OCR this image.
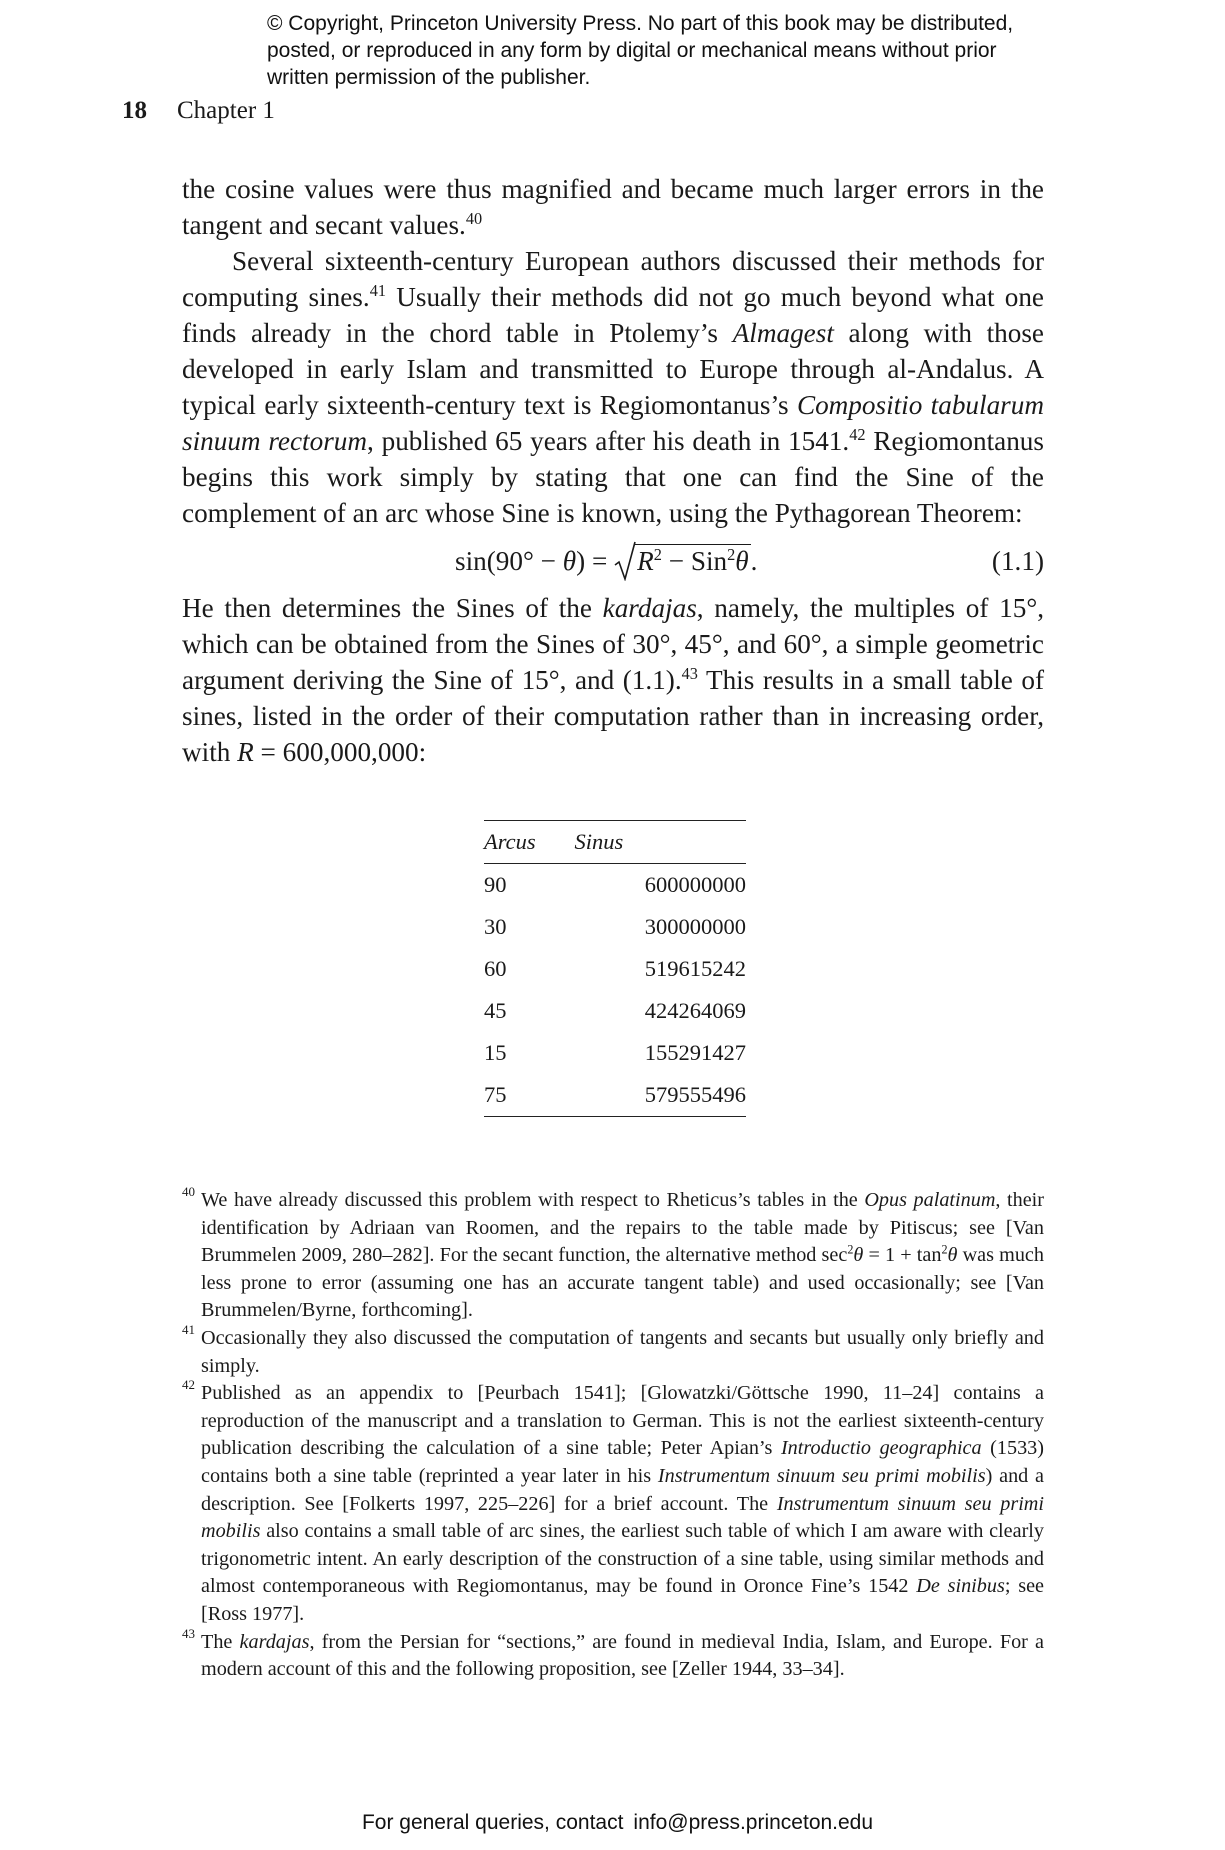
© Copyright, Princeton University Press. No part of this book may be distributed, posted, or reproduced in any form by digital or mechanical means without prior written permission of the publisher.
18 Chapter 1

the cosine values were thus magnified and became much larger errors in the tangent and secant values.$^{40}$

Several sixteenth-century European authors discussed their methods for computing sines.$^{41}$ Usually their methods did not go much beyond what one finds already in the chord table in Ptolemy’s Almagest along with those developed in early Islam and transmitted to Europe through al-Andalus. A typical early sixteenth-century text is Regiomontanus’s Compositio tabularum sinuum rectorum, published 65 years after his death in 1541.42 Regiomontanus begins this work simply by stating that one can find the Sine of the complement of an arc whose Sine is known, using the Pythagorean Theorem:

sin(90° − θ) =
$R^2 - Sin^2\theta$.	(1.1)

He then determines the Sines of the kardajas, namely, the multiples of 15°, which can be obtained from the Sines of 30°, 45°, and 60°, a simple geometric argument deriving the Sine of 15°, and (1.1).$^{43}$ This results in a small table of sines, listed in the order of their computation rather than in increasing order, with R = 600,000,000:

Arcus	Sinus
90	600000000
30	300000000
60	519615242
45	424264069
15	155291427
75	579555496

40 We have already discussed this problem with respect to Rheticus’s tables in the Opus palatinum, their identification by Adriaan van Roomen, and the repairs to the table made by Pitiscus; see [Van Brummelen 2009, 280–282]. For the secant function, the alternative method $\sec^2\theta = 1 + \tan^2\theta$ was much less prone to error (assuming one has an accurate tangent table) and used occasionally; see [Van Brummelen/Byrne, forthcoming].

41 Occasionally they also discussed the computation of tangents and secants but usually only briefly and simply.

42 Published as an appendix to [Peurbach 1541]; [Glowatzki/Göttsche 1990, 11–24] contains a reproduction of the manuscript and a translation to German. This is not the earliest sixteenth-century publication describing the calculation of a sine table; Peter Apian’s Introductio geographica (1533) contains both a sine table (reprinted a year later in his Instrumentum sinuum seu primi mobilis) and a description. See [Folkerts 1997, 225–226] for a brief account. The Instrumentum sinuum seu primi mobilis also contains a small table of arc sines, the earliest such table of which I am aware with clearly trigonometric intent. An early description of the construction of a sine table, using similar methods and almost contemporaneous with Regiomontanus, may be found in Oronce Fine’s 1542 De sinibus; see [Ross 1977].

43 The kardajas, from the Persian for “sections,” are found in medieval India, Islam, and Europe. For a modern account of this and the following proposition, see [Zeller 1944, 33–34].

For general queries, contact info@press.princeton.edu
